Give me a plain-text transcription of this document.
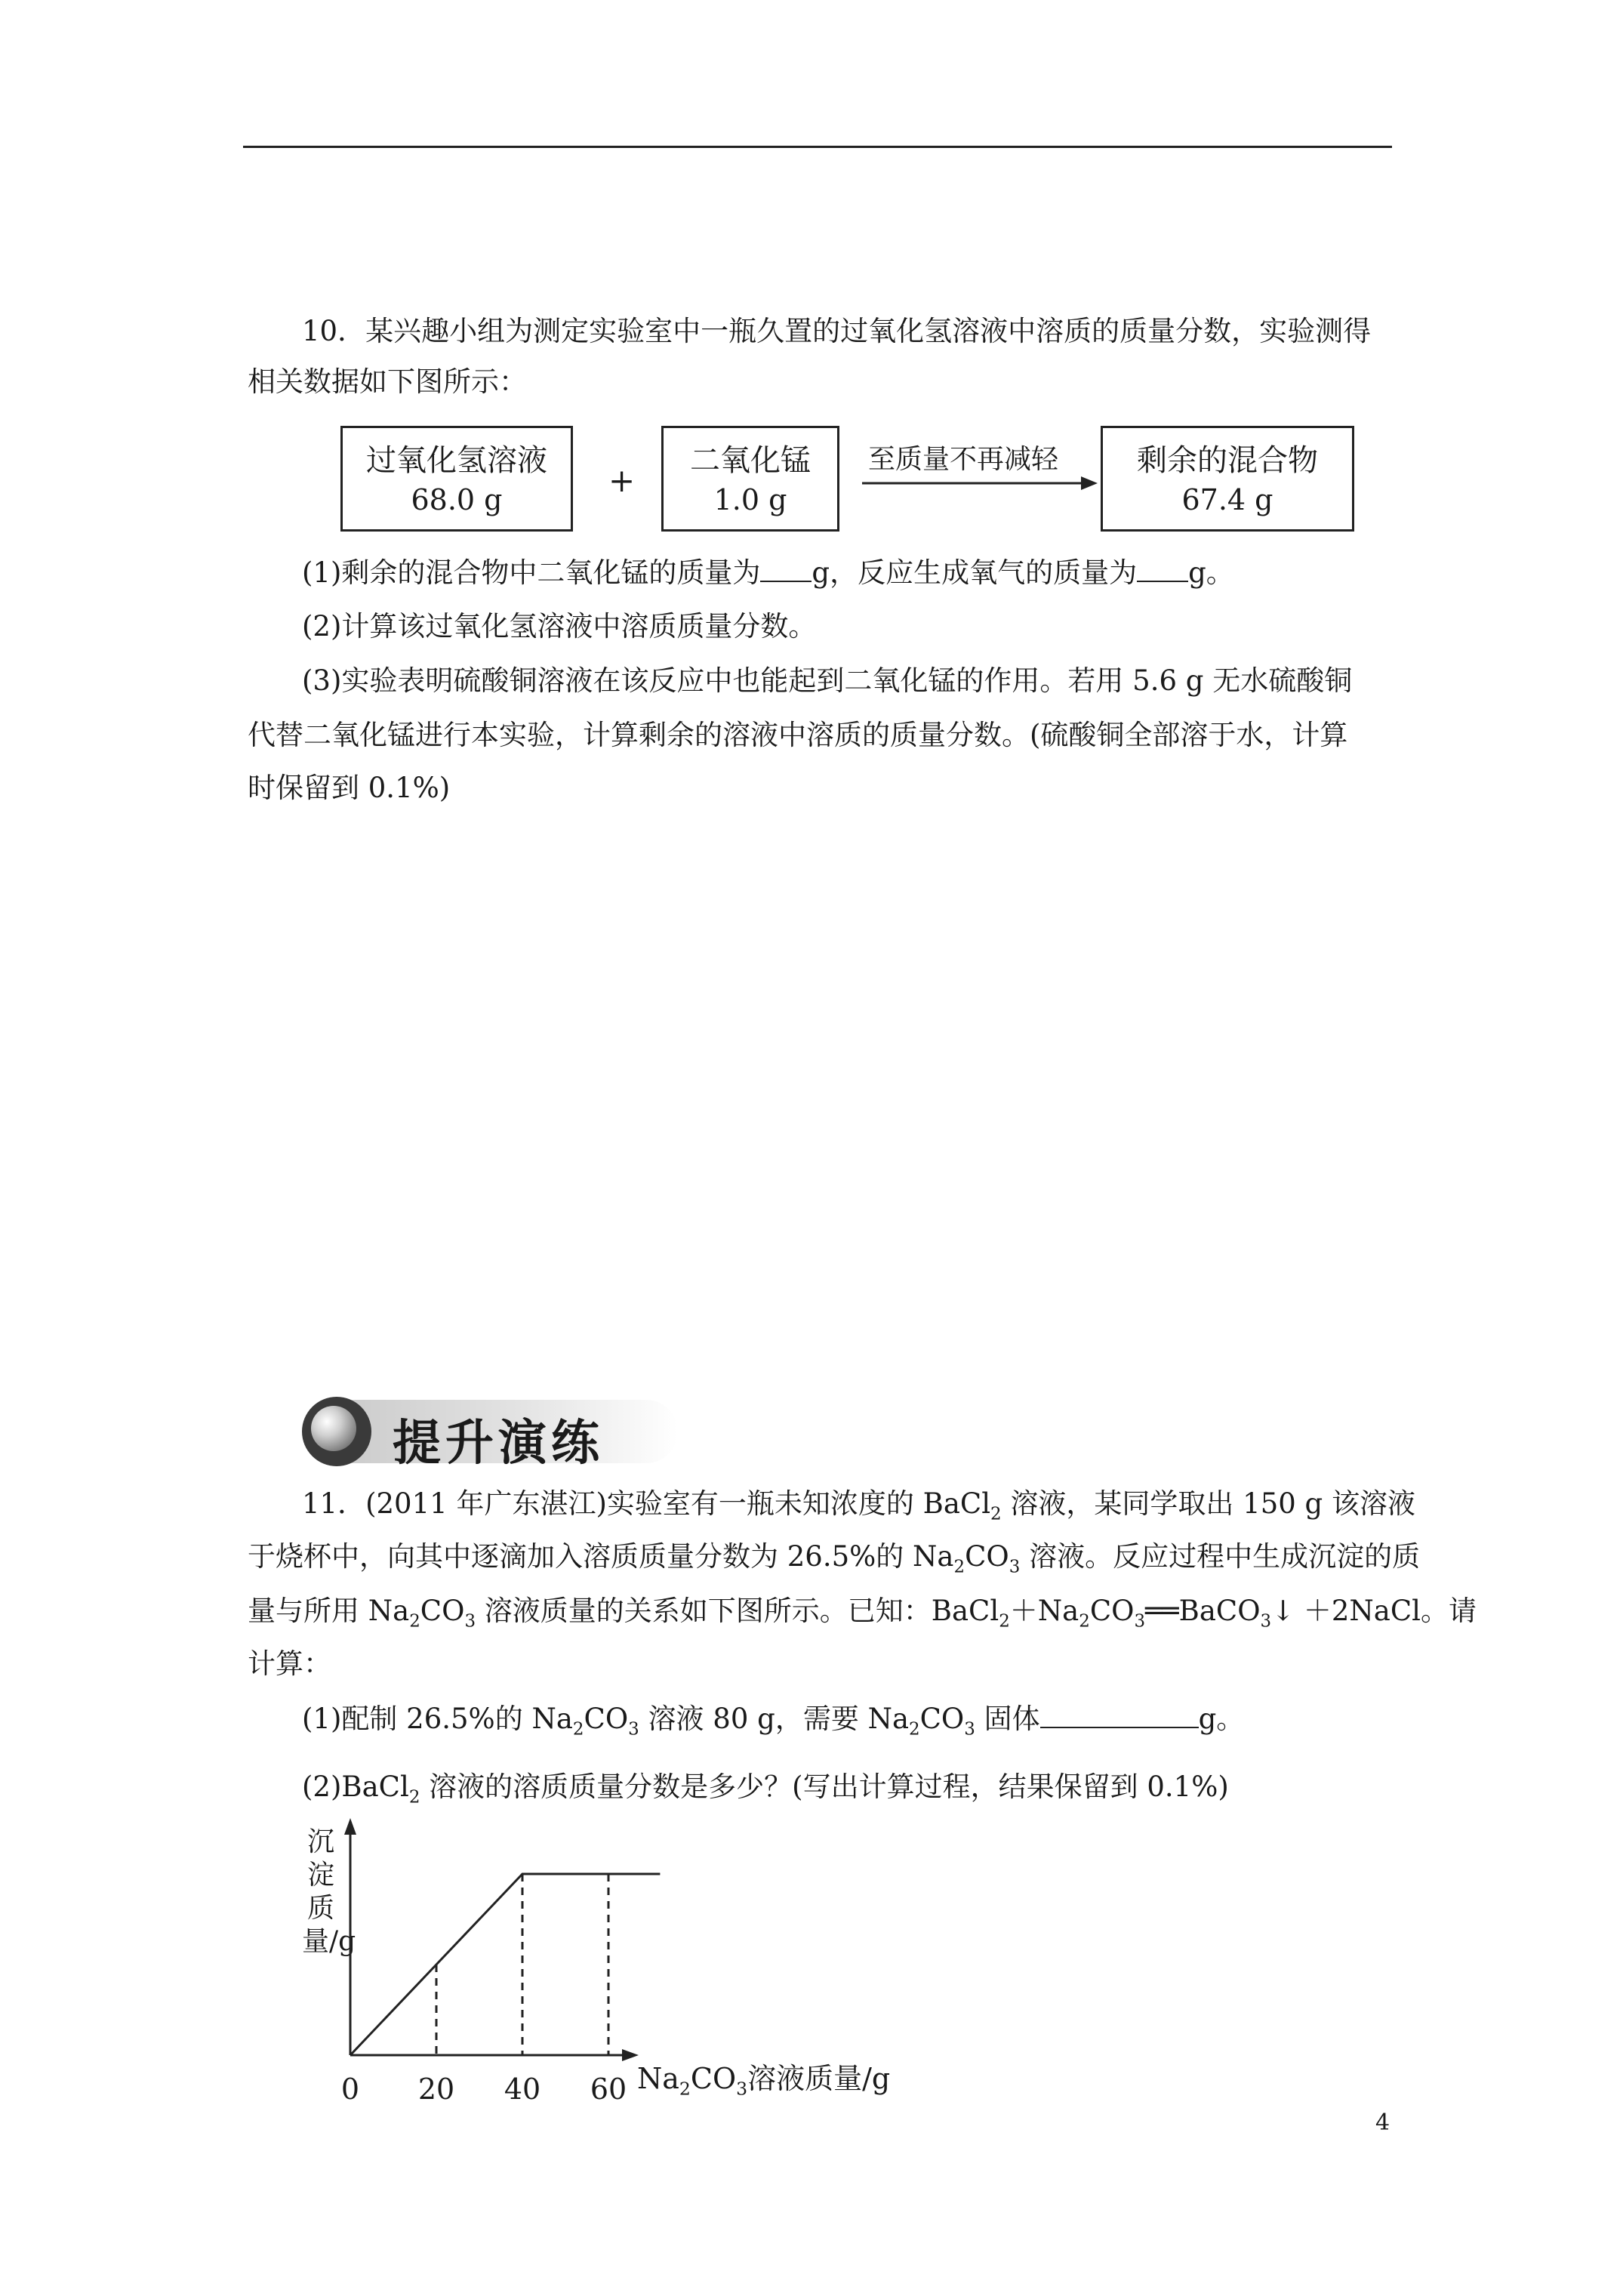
10．某兴趣小组为测定实验室中一瓶久置的过氧化氢溶液中溶质的质量分数，实验测得
相关数据如下图所示：
过氧化氢溶液
68.0 g
+
二氧化锰
1.0 g
至质量不再减轻	剩余的混合物
67.4 g
(1)剩余的混合物中二氧化锰的质量为 g，反应生成氧气的质量为 g。
(2)计算该过氧化氢溶液中溶质质量分数。
(3)实验表明硫酸铜溶液在该反应中也能起到二氧化锰的作用。若用 5.6 g 无水硫酸铜
代替二氧化锰进行本实验，计算剩余的溶液中溶质的质量分数。(硫酸铜全部溶于水，计算
时保留到 0.1%)
提升演练
11．(2011 年广东湛江)实验室有一瓶未知浓度的 BaCl$_2$ 溶液，某同学取出 150 g 该溶液
于烧杯中，向其中逐滴加入溶质质量分数为 26.5%的 $Na_2CO_3$ 溶液。反应过程中生成沉淀的质
量与所用 $Na_2CO_3$ 溶液质量的关系如下图所示。已知：$BaCl_2+Na_2CO_3══BaCO_3↓$ ＋2NaCl。请
计算：
(1)配制 26.5%的 $Na_2CO_3$ 溶液 80 g，需要 $Na_2CO_3$ 固体	g。
(2)BaCl$_2$ 溶液的溶质质量分数是多少？(写出计算过程，结果保留到 0.1%)
沉淀质量/g
0 20 40 60 $Na_2CO_3$溶液质量/g
4
